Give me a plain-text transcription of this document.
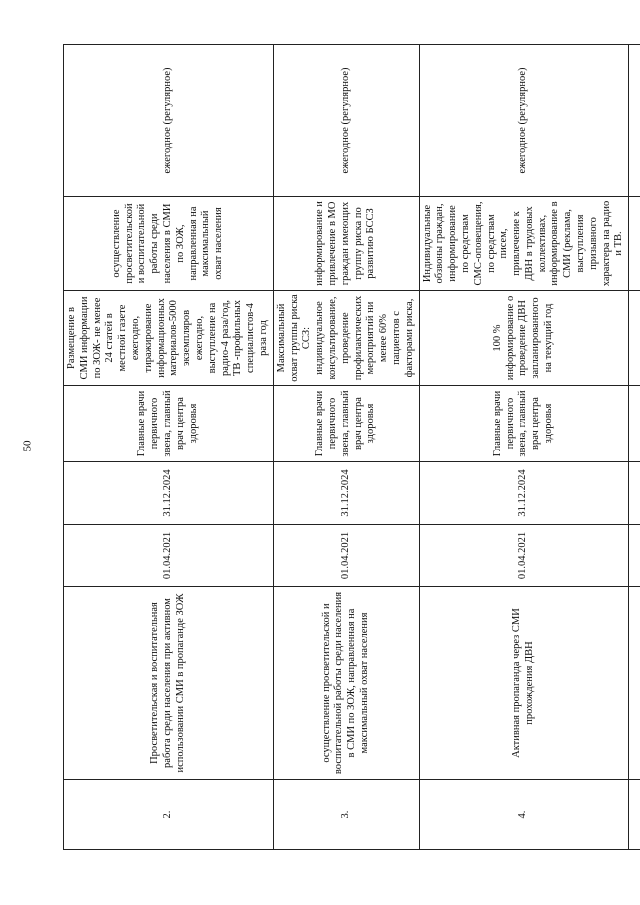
50
2.	Просветительская и воспитательная работа среди населения при активном использовании СМИ в пропаганде ЗОЖ	01.04.2021	31.12.2024	Главные врачи первичного звена, главный врач центра здоровья	Размещение в СМИ информации по ЗОЖ- не менее 24 статей в местной газете ежегодно, тиражирование информационных материалов-5000 экземпляров ежегодно, выступление на радио-4 раза/год, ТВ -профильных специалистов-4 раза год	осуществление просветительской и воспитательной работы среди населения в СМИ по ЗОЖ, направленная на максимальный охват населения	ежегодное (регулярное)
3.	осуществление просветительской и воспитательной работы среди населения в СМИ по ЗОЖ, направленная на максимальный охват населения	01.04.2021	31.12.2024	Главные врачи первичного звена, главный врач центра здоровья	Максимальный охват группы риска ССЗ: индивидуальное консультирование, проведение профилактических мероприятий ни менее 60% пациентов с факторами риска,	информирование и привлечение в МО граждан имеющих группу риска по развитию БССЗ	ежегодное (регулярное)
4.	Активная пропаганда через СМИ прохождения ДВН	01.04.2021	31.12.2024	Главные врачи первичного звена, главный врач центра здоровья	100 % информирование о проведение ДВН запланированного на текущий год	Индивидуальные обзвоны граждан, информирование по средствам СМС-оповещения, по средствам писем, привлечение к ДВН в трудовых коллективах, информирование в СМИ (реклама, выступления призывного характера на радио и ТВ.	ежегодное (регулярное)
